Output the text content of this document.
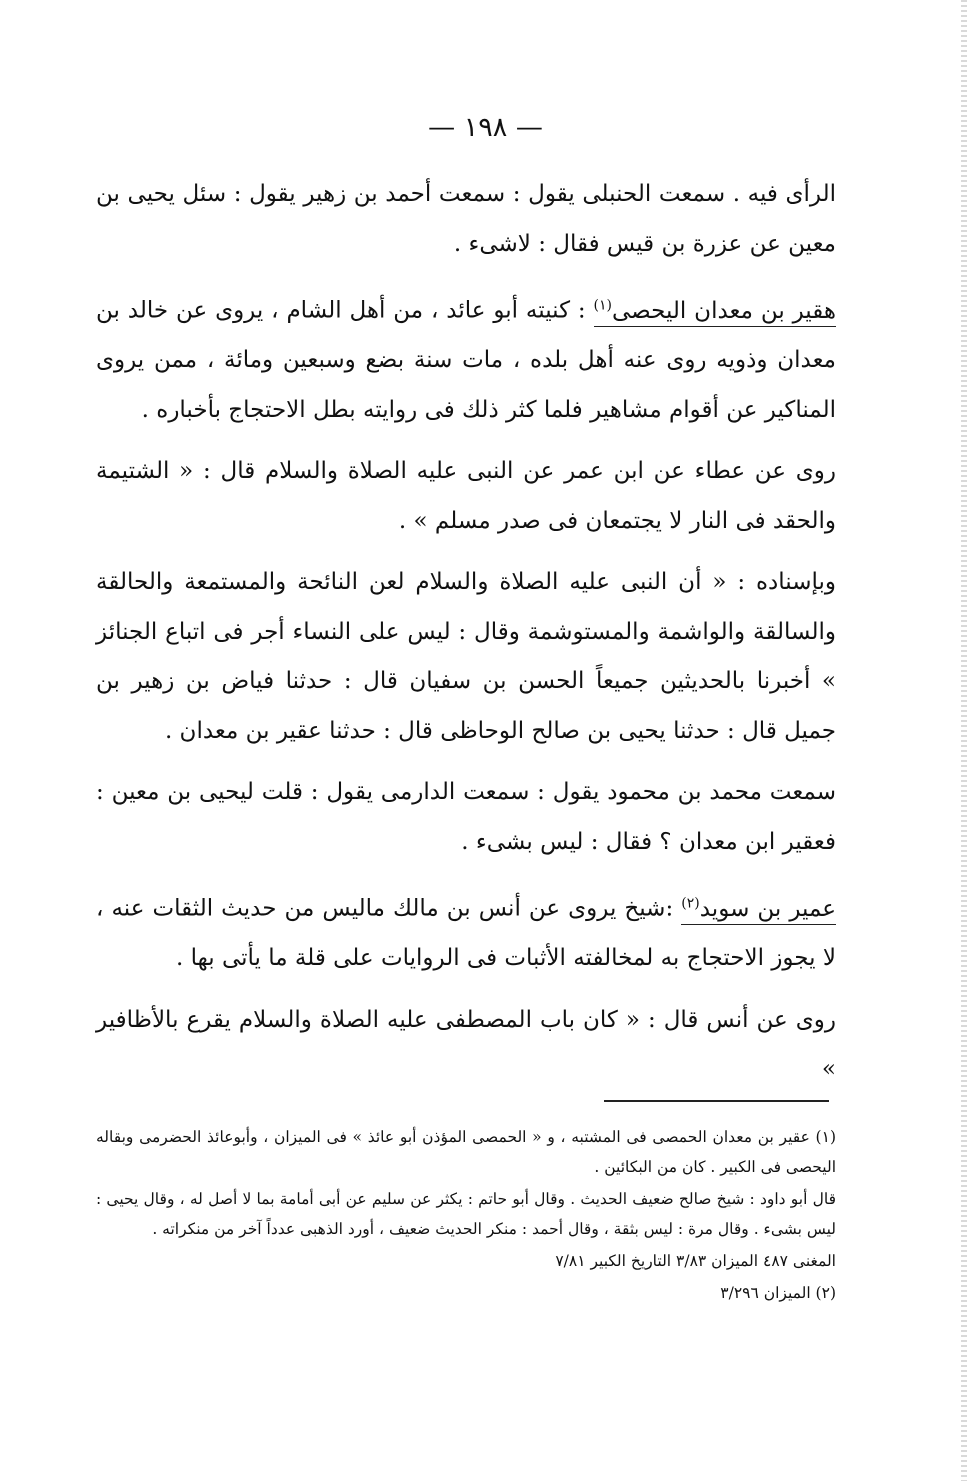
— ١٩٨ —

الرأى فيه . سمعت الحنبلى يقول : سمعت أحمد بن زهير يقول : سئل يحيى بن معين عن عزرة بن قيس فقال : لاشىء .

هقير بن معدان اليحصى$^{(١)}$ : كنيته أبو عائد ، من أهل الشام ، يروى عن خالد بن معدان وذويه روى عنه أهل بلده ، مات سنة بضع وسبعين ومائة ، ممن يروى المناكير عن أقوام مشاهير فلما كثر ذلك فى روايته بطل الاحتجاج بأخباره .

روى عن عطاء عن ابن عمر عن النبى عليه الصلاة والسلام قال : « الشتيمة والحقد فى النار لا يجتمعان فى صدر مسلم » .

وبإسناده : « أن النبى عليه الصلاة والسلام لعن النائحة والمستمعة والحالقة والسالقة والواشمة والمستوشمة وقال : ليس على النساء أجر فى اتباع الجنائز » أخبرنا بالحديثين جميعاً الحسن بن سفيان قال : حدثنا فياض بن زهير بن جميل قال : حدثنا يحيى بن صالح الوحاظى قال : حدثنا عقير بن معدان .

سمعت محمد بن محمود يقول : سمعت الدارمى يقول : قلت ليحيى بن معين : فعقير ابن معدان ؟ فقال : ليس بشىء .

عمير بن سويد$^{(٢)}$ :شيخ يروى عن أنس بن مالك ماليس من حديث الثقات عنه ، لا يجوز الاحتجاج به لمخالفته الأثبات فى الروايات على قلة ما يأتى بها .

روى عن أنس قال : « كان باب المصطفى عليه الصلاة والسلام يقرع بالأظافير »

(١) عقير بن معدان الحمصى فى المشتبه ، و « الحمصى المؤذن أبو عائذ » فى الميزان ، وأبوعائذ الحضرمى وبقاله اليحصى فى الكبير . كان من البكائين .

قال أبو داود : شيخ صالح ضعيف الحديث . وقال أبو حاتم : يكثر عن سليم عن أبى أمامة بما لا أصل له ، وقال يحيى : ليس بشىء . وقال مرة : ليس بثقة ، وقال أحمد : منكر الحديث ضعيف ، أورد الذهبى عدداً آخر من منكراته .

المغنى ٤٨٧ الميزان ٣/٨٣ التاريخ الكبير ٧/٨١

(٢) الميزان ٣/٢٩٦
